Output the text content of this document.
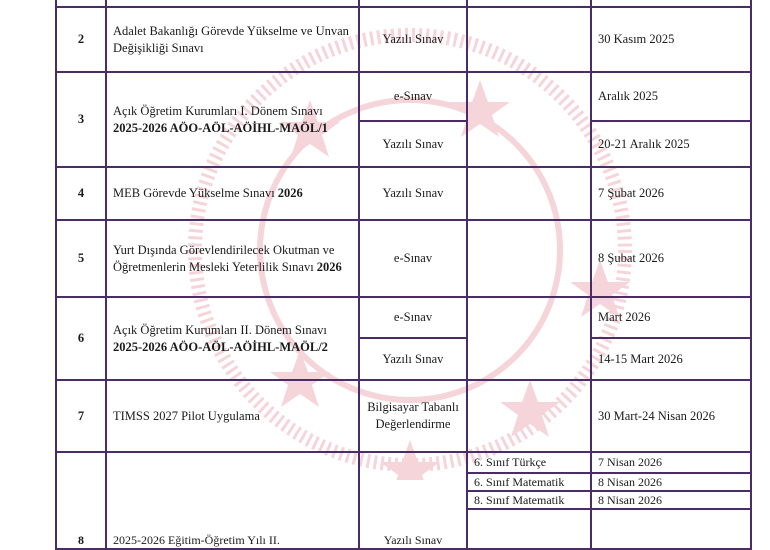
2	Adalet Bakanlığı Görevde Yükselme ve Unvan Değişikliği Sınavı	Yazılı Sınav		30 Kasım 2025
3	Açık Öğretim Kurumları I. Dönem Sınavı 2025-2026 AÖO-AÖL-AÖİHL-MAÖL/1	e-Sınav		Aralık 2025
		Yazılı Sınav		20-21 Aralık 2025
4	MEB Görevde Yükselme Sınavı 2026	Yazılı Sınav		7 Şubat 2026
5	Yurt Dışında Görevlendirilecek Okutman ve Öğretmenlerin Mesleki Yeterlilik Sınavı 2026	e-Sınav		8 Şubat 2026
6	Açık Öğretim Kurumları II. Dönem Sınavı 2025-2026 AÖO-AÖL-AÖİHL-MAÖL/2	e-Sınav		Mart 2026
		Yazılı Sınav		14-15 Mart 2026
7	TIMSS 2027 Pilot Uygulama	Bilgisayar Tabanlı Değerlendirme		30 Mart-24 Nisan 2026
8	2025-2026 Eğitim-Öğretim Yılı II.	Yazılı Sınav	6. Sınıf Türkçe	7 Nisan 2026
			6. Sınıf Matematik	8 Nisan 2026
			8. Sınıf Matematik	8 Nisan 2026
